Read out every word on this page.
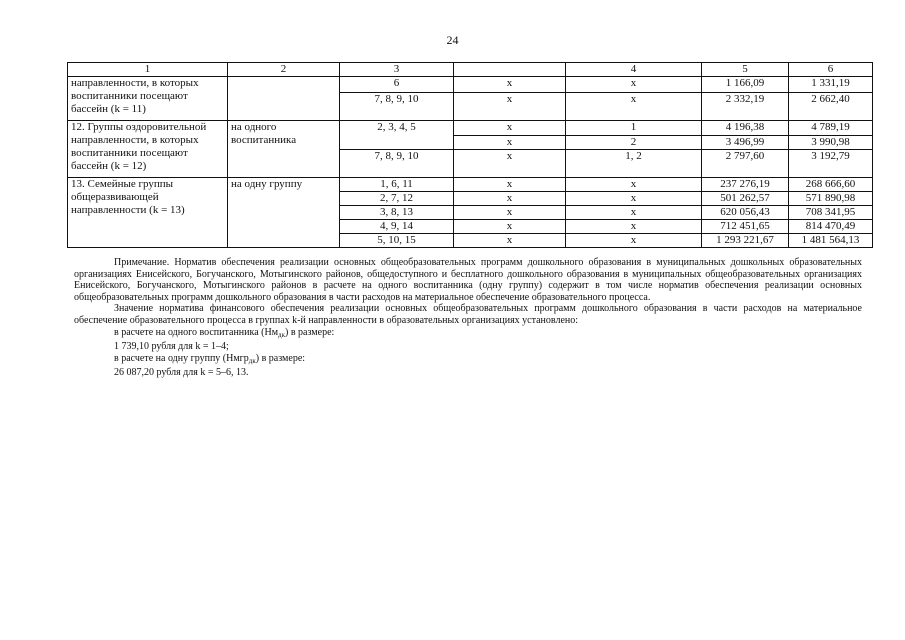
24
1	2	3		4	5	6
направленности, в которых воспитанники посещают бассейн (k = 11)		6	x	x	1 166,09	1 331,19
		7, 8, 9, 10	x	x	2 332,19	2 662,40
12. Группы оздоровительной направленности, в которых воспитанники посещают бассейн (k = 12)	на одного воспитанника	2, 3, 4, 5	x	1	4 196,38	4 789,19
			x	2	3 496,99	3 990,98
		7, 8, 9, 10	x	1, 2	2 797,60	3 192,79
13. Семейные группы общеразвивающей направленности (k = 13)	на одну группу	1, 6, 11	x	x	237 276,19	268 666,60
		2, 7, 12	x	x	501 262,57	571 890,98
		3, 8, 13	x	x	620 056,43	708 341,95
		4, 9, 14	x	x	712 451,65	814 470,49
		5, 10, 15	x	x	1 293 221,67	1 481 564,13

Примечание. Норматив обеспечения реализации основных общеобразовательных программ дошкольного образования в муниципальных дошкольных образовательных организациях Енисейского, Богучанского, Мотыгинского районов, общедоступного и бесплатного дошкольного образования в муниципальных общеобразовательных организациях Енисейского, Богучанского, Мотыгинского районов в расчете на одного воспитанника (одну группу) содержит в том числе норматив обеспечения реализации основных общеобразовательных программ дошкольного образования в части расходов на материальное обеспечение образовательного процесса.

Значение норматива финансового обеспечения реализации основных общеобразовательных программ дошкольного образования в части расходов на материальное обеспечение образовательного процесса в группах k-й направленности в образовательных организациях установлено:

в расчете на одного воспитанника $(Нм_{дк})$ в размере:

1 739,10 рубля для k = 1–4;

в расчете на одну группу (Нмгр$_{дк}$) в размере:

26 087,20 рубля для k = 5–6, 13.
